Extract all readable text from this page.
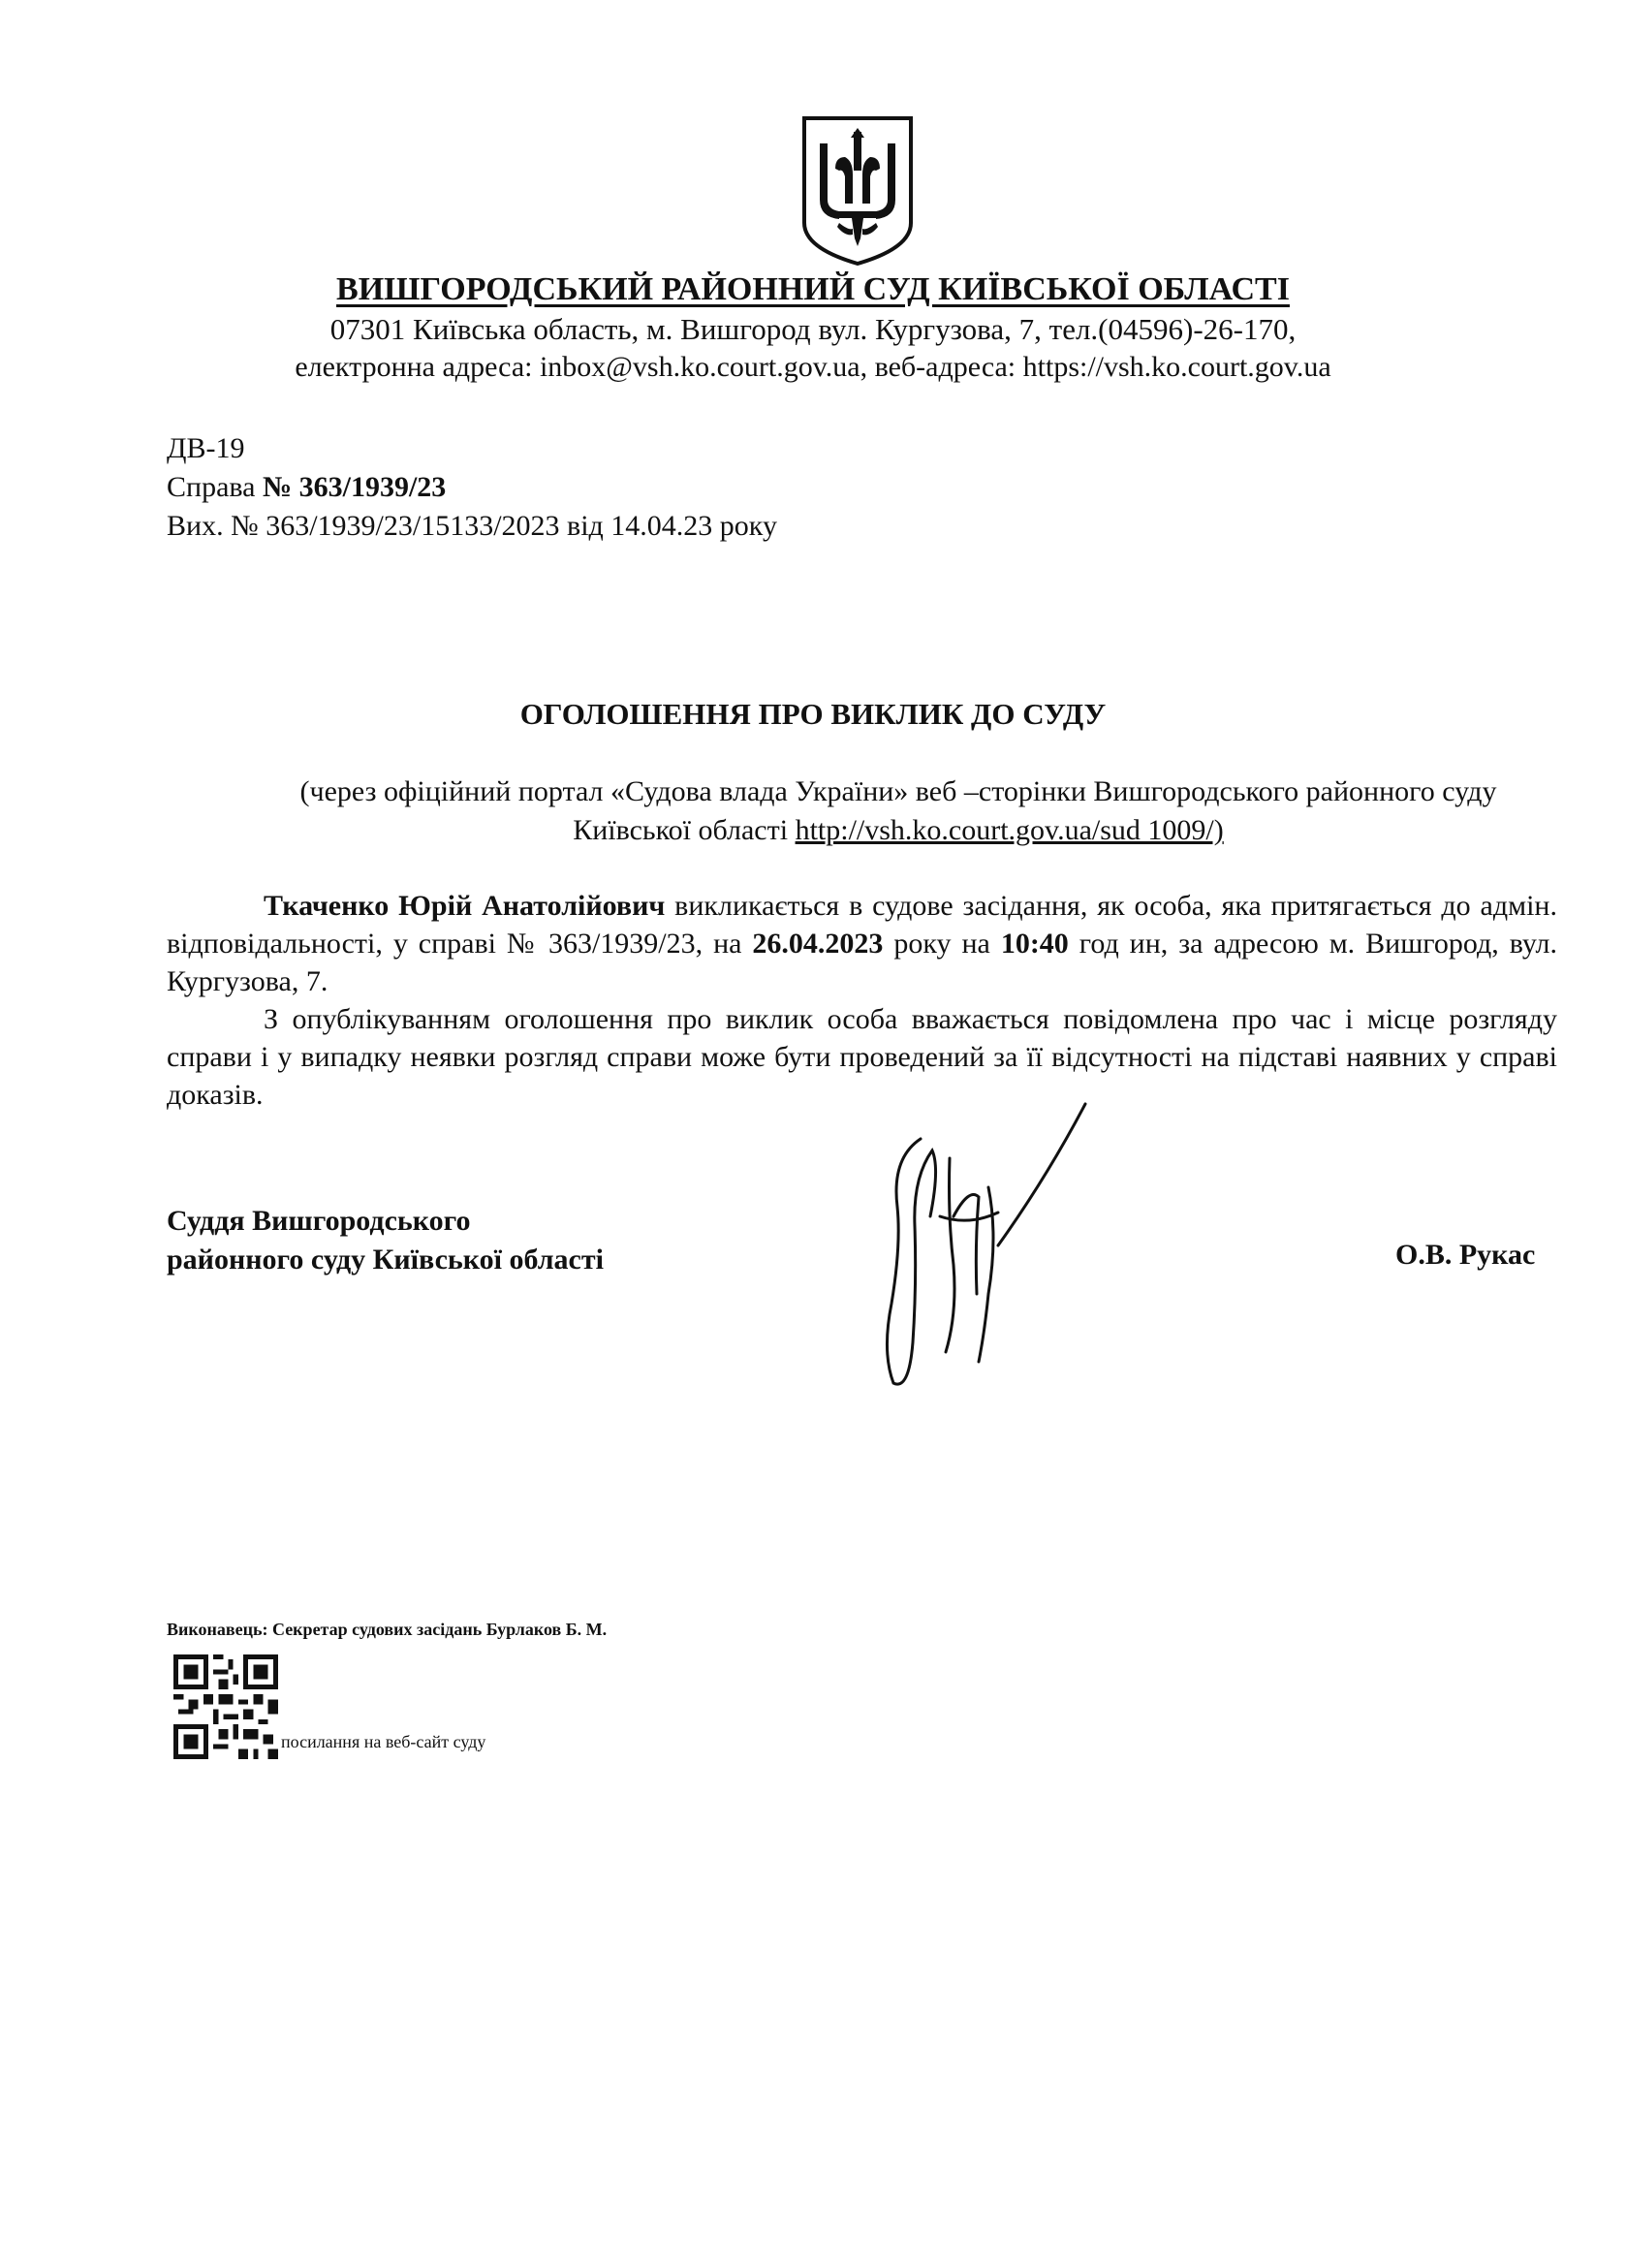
ВИШГОРОДСЬКИЙ РАЙОННИЙ СУД КИЇВСЬКОЇ ОБЛАСТІ
07301 Київська область, м. Вишгород вул. Кургузова, 7, тел.(04596)-26-170,
електронна адреса: inbox@vsh.ko.court.gov.ua, веб-адреса: https://vsh.ko.court.gov.ua
ДВ-19
Справа № 363/1939/23
Вих. № 363/1939/23/15133/2023 від 14.04.23 року
ОГОЛОШЕННЯ ПРО ВИКЛИК ДО СУДУ
(через офіційний портал «Судова влада України» веб –сторінки Вишгородського районного суду Київської області http://vsh.ko.court.gov.ua/sud 1009/)

Ткаченко Юрій Анатолійович викликається в судове засідання, як особа, яка притягається до адмін. відповідальності, у справі № 363/1939/23, на 26.04.2023 року на 10:40 год ин, за адресою м. Вишгород, вул. Кургузова, 7.

З опублікуванням оголошення про виклик особа вважається повідомлена про час і місце розгляду справи і у випадку неявки розгляд справи може бути проведений за її відсутності на підставі наявних у справі доказів.

Суддя Вишгородського
районного суду Київської області	О.В. Рукас
Виконавець: Секретар судових засідань Бурлаков Б. М.
посилання на веб-сайт суду
